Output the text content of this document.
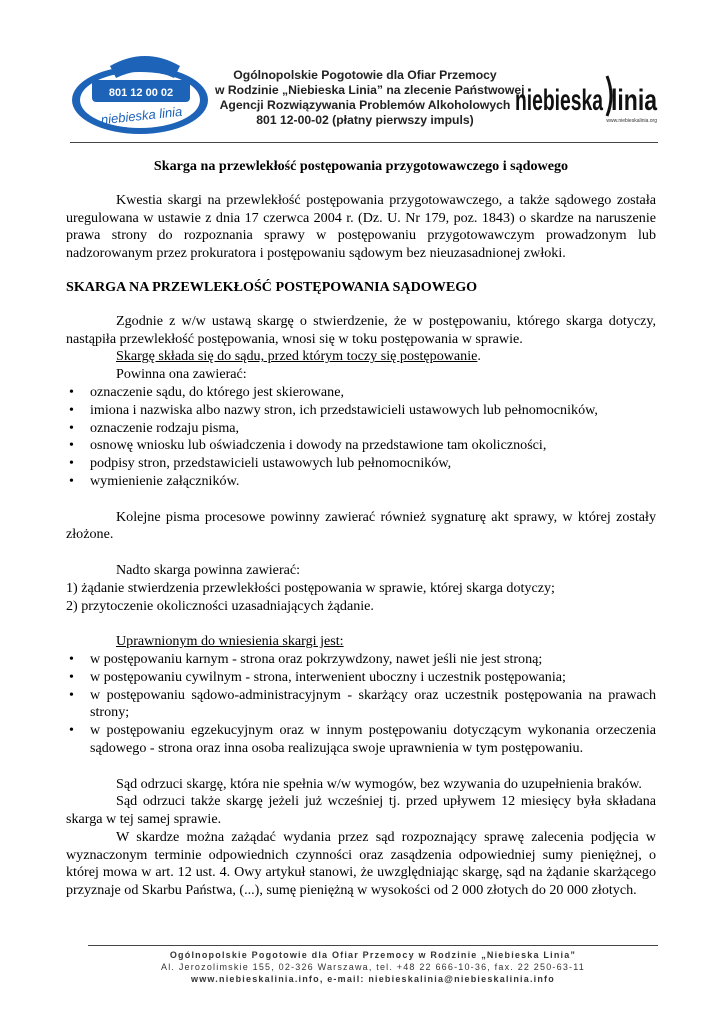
801 12 00 02
niebieska linia
Ogólnopolskie Pogotowie dla Ofiar Przemocy
w Rodzinie „Niebieska Linia” na zlecenie Państwowej
Agencji Rozwiązywania Problemów Alkoholowych
801 12-00-02 (płatny pierwszy impuls)
niebieska linia
www.niebieskalinia.org

Skarga na przewlekłość postępowania przygotowawczego i sądowego

Kwestia skargi na przewlekłość postępowania przygotowawczego, a także sądowego została uregulowana w ustawie z dnia 17 czerwca 2004 r. (Dz. U. Nr 179, poz. 1843) o skardze na naruszenie prawa strony do rozpoznania sprawy w postępowaniu przygotowawczym prowadzonym lub nadzorowanym przez prokuratora i postępowaniu sądowym bez nieuzasadnionej zwłoki.

SKARGA NA PRZEWLEKŁOŚĆ POSTĘPOWANIA SĄDOWEGO

Zgodnie z w/w ustawą skargę o stwierdzenie, że w postępowaniu, którego skarga dotyczy, nastąpiła przewlekłość postępowania, wnosi się w toku postępowania w sprawie.

Skargę składa się do sądu, przed którym toczy się postępowanie.

Powinna ona zawierać:

• oznaczenie sądu, do którego jest skierowane,
• imiona i nazwiska albo nazwy stron, ich przedstawicieli ustawowych lub pełnomocników,
• oznaczenie rodzaju pisma,
• osnowę wniosku lub oświadczenia i dowody na przedstawione tam okoliczności,
• podpisy stron, przedstawicieli ustawowych lub pełnomocników,
• wymienienie załączników.

Kolejne pisma procesowe powinny zawierać również sygnaturę akt sprawy, w której zostały złożone.

Nadto skarga powinna zawierać:

1) żądanie stwierdzenia przewlekłości postępowania w sprawie, której skarga dotyczy;

2) przytoczenie okoliczności uzasadniających żądanie.

Uprawnionym do wniesienia skargi jest:

• w postępowaniu karnym - strona oraz pokrzywdzony, nawet jeśli nie jest stroną;
• w postępowaniu cywilnym - strona, interwenient uboczny i uczestnik postępowania;
• w postępowaniu sądowo-administracyjnym - skarżący oraz uczestnik postępowania na prawach strony;
• w postępowaniu egzekucyjnym oraz w innym postępowaniu dotyczącym wykonania orzeczenia sądowego - strona oraz inna osoba realizująca swoje uprawnienia w tym postępowaniu.

Sąd odrzuci skargę, która nie spełnia w/w wymogów, bez wzywania do uzupełnienia braków.

Sąd odrzuci także skargę jeżeli już wcześniej tj. przed upływem 12 miesięcy była składana skarga w tej samej sprawie.

W skardze można zażądać wydania przez sąd rozpoznający sprawę zalecenia podjęcia w wyznaczonym terminie odpowiednich czynności oraz zasądzenia odpowiedniej sumy pieniężnej, o której mowa w art. 12 ust. 4. Owy artykuł stanowi, że uwzględniając skargę, sąd na żądanie skarżącego przyznaje od Skarbu Państwa, (...), sumę pieniężną w wysokości od 2 000 złotych do 20 000 złotych.

Ogólnopolskie Pogotowie dla Ofiar Przemocy w Rodzinie „Niebieska Linia”
Al. Jerozolimskie 155, 02-326 Warszawa, tel. +48 22 666-10-36, fax. 22 250-63-11
www.niebieskalinia.info, e-mail: niebieskalinia@niebieskalinia.info
